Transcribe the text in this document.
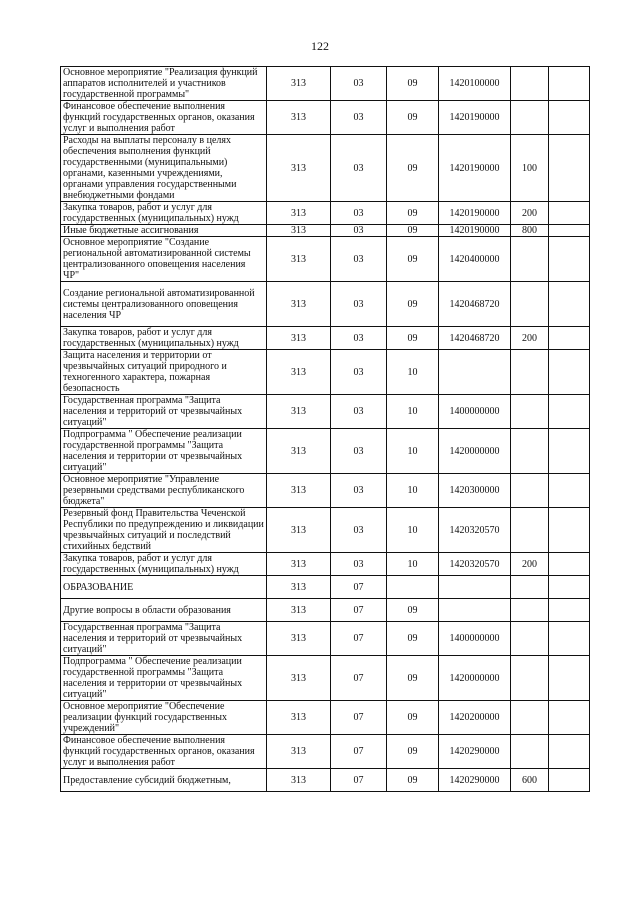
122
Основное мероприятие "Реализация функций аппаратов исполнителей и участников государственной программы"	313	03	09	1420100000			
Финансовое обеспечение выполнения функций государственных органов, оказания услуг и выполнения работ	313	03	09	1420190000			
Расходы на выплаты персоналу в целях обеспечения выполнения функций государственными (муниципальными) органами, казенными учреждениями, органами управления государственными внебюджетными фондами	313	03	09	1420190000	100		
Закупка товаров, работ и услуг для государственных (муниципальных) нужд	313	03	09	1420190000	200		
Иные бюджетные ассигнования	313	03	09	1420190000	800		
Основное мероприятие "Создание региональной автоматизированной системы централизованного оповещения населения ЧР"	313	03	09	1420400000			
Создание региональной автоматизированной системы централизованного оповещения населения ЧР	313	03	09	1420468720			
Закупка товаров, работ и услуг для государственных (муниципальных) нужд	313	03	09	1420468720	200		
Защита населения и территории от чрезвычайных ситуаций природного и техногенного характера, пожарная безопасность	313	03	10				
Государственная программа "Защита населения и территорий от чрезвычайных ситуаций"	313	03	10	1400000000			
Подпрограмма " Обеспечение реализации государственной программы "Защита населения и территории от чрезвычайных ситуаций"	313	03	10	1420000000			
Основное мероприятие "Управление резервными средствами республиканского бюджета"	313	03	10	1420300000			
Резервный фонд Правительства Чеченской Республики по предупреждению и ликвидации чрезвычайных ситуаций и последствий стихийных бедствий	313	03	10	1420320570			
Закупка товаров, работ и услуг для государственных (муниципальных) нужд	313	03	10	1420320570	200		
ОБРАЗОВАНИЕ	313	07					
Другие вопросы в области образования	313	07	09				
Государственная программа "Защита населения и территорий от чрезвычайных ситуаций"	313	07	09	1400000000			
Подпрограмма " Обеспечение реализации государственной программы "Защита населения и территории от чрезвычайных ситуаций"	313	07	09	1420000000			
Основное мероприятие "Обеспечение реализации функций государственных учреждений"	313	07	09	1420200000			
Финансовое обеспечение выполнения функций государственных органов, оказания услуг и выполнения работ	313	07	09	1420290000			
Предоставление субсидий бюджетным,	313	07	09	1420290000	600		
